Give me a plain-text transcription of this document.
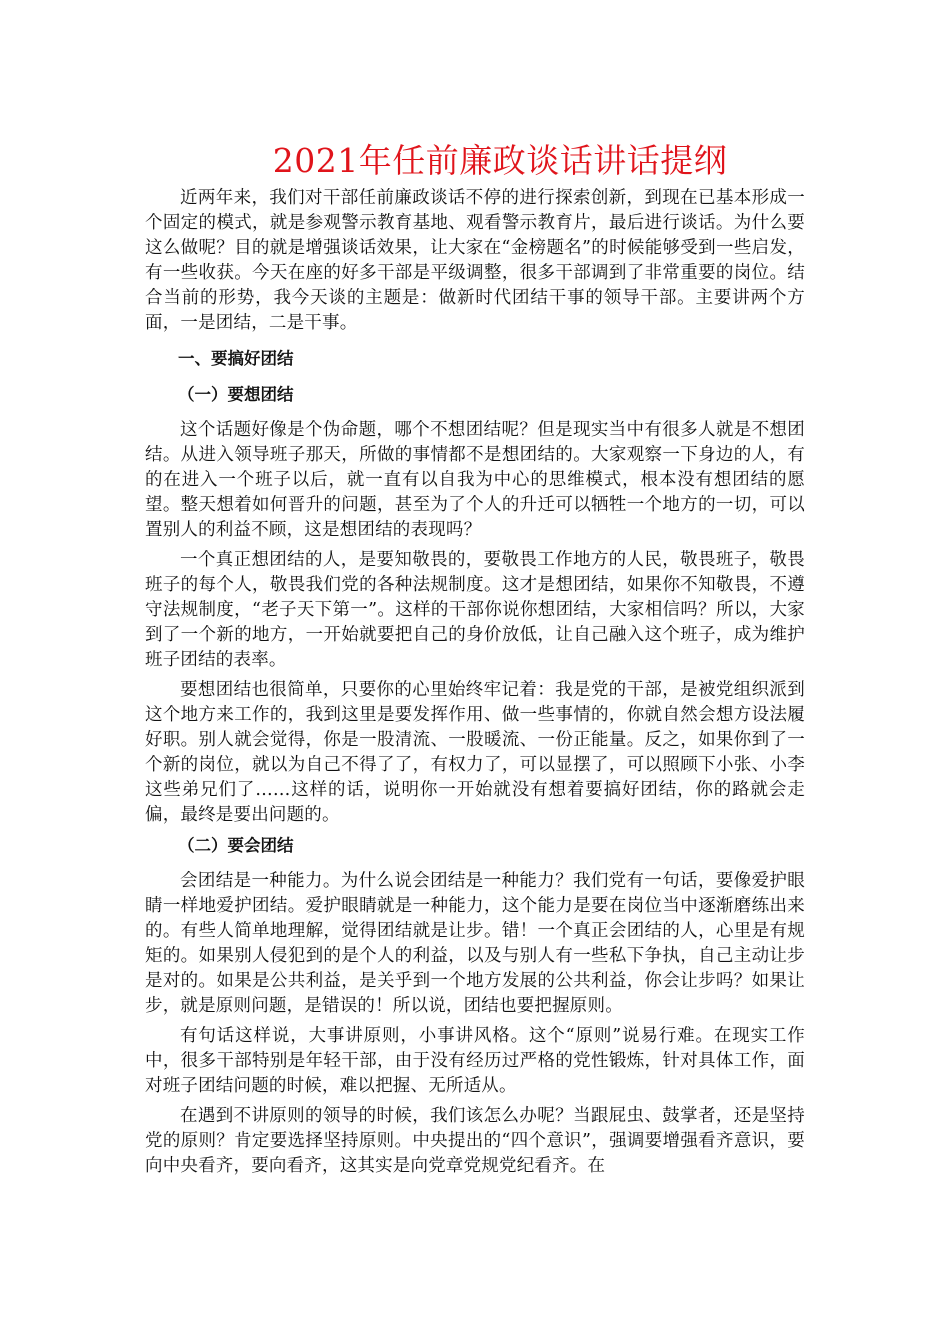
2021年任前廉政谈话讲话提纲

近两年来，我们对干部任前廉政谈话不停的进行探索创新，到现在已基本形成一个固定的模式，就是参观警示教育基地、观看警示教育片，最后进行谈话。为什么要这么做呢？目的就是增强谈话效果，让大家在“金榜题名”的时候能够受到一些启发，有一些收获。今天在座的好多干部是平级调整，很多干部调到了非常重要的岗位。结合当前的形势，我今天谈的主题是：做新时代团结干事的领导干部。主要讲两个方面，一是团结，二是干事。

一、要搞好团结
（一）要想团结

这个话题好像是个伪命题，哪个不想团结呢？但是现实当中有很多人就是不想团结。从进入领导班子那天，所做的事情都不是想团结的。大家观察一下身边的人，有的在进入一个班子以后，就一直有以自我为中心的思维模式，根本没有想团结的愿望。整天想着如何晋升的问题，甚至为了个人的升迁可以牺牲一个地方的一切，可以置别人的利益不顾，这是想团结的表现吗？

一个真正想团结的人，是要知敬畏的，要敬畏工作地方的人民，敬畏班子，敬畏班子的每个人，敬畏我们党的各种法规制度。这才是想团结，如果你不知敬畏，不遵守法规制度，“老子天下第一”。这样的干部你说你想团结，大家相信吗？所以，大家到了一个新的地方，一开始就要把自己的身价放低，让自己融入这个班子，成为维护班子团结的表率。

要想团结也很简单，只要你的心里始终牢记着：我是党的干部，是被党组织派到这个地方来工作的，我到这里是要发挥作用、做一些事情的，你就自然会想方设法履好职。别人就会觉得，你是一股清流、一股暖流、一份正能量。反之，如果你到了一个新的岗位，就以为自己不得了了，有权力了，可以显摆了，可以照顾下小张、小李这些弟兄们了……这样的话，说明你一开始就没有想着要搞好团结，你的路就会走偏，最终是要出问题的。

（二）要会团结

会团结是一种能力。为什么说会团结是一种能力？我们党有一句话，要像爱护眼睛一样地爱护团结。爱护眼睛就是一种能力，这个能力是要在岗位当中逐渐磨练出来的。有些人简单地理解，觉得团结就是让步。错！一个真正会团结的人，心里是有规矩的。如果别人侵犯到的是个人的利益，以及与别人有一些私下争执，自己主动让步是对的。如果是公共利益，是关乎到一个地方发展的公共利益，你会让步吗？如果让步，就是原则问题，是错误的！所以说，团结也要把握原则。

有句话这样说，大事讲原则，小事讲风格。这个“原则”说易行难。在现实工作中，很多干部特别是年轻干部，由于没有经历过严格的党性锻炼，针对具体工作，面对班子团结问题的时候，难以把握、无所适从。

在遇到不讲原则的领导的时候，我们该怎么办呢？当跟屁虫、鼓掌者，还是坚持党的原则？肯定要选择坚持原则。中央提出的“四个意识”，强调要增强看齐意识，要向中央看齐，要向看齐，这其实是向党章党规党纪看齐。在
